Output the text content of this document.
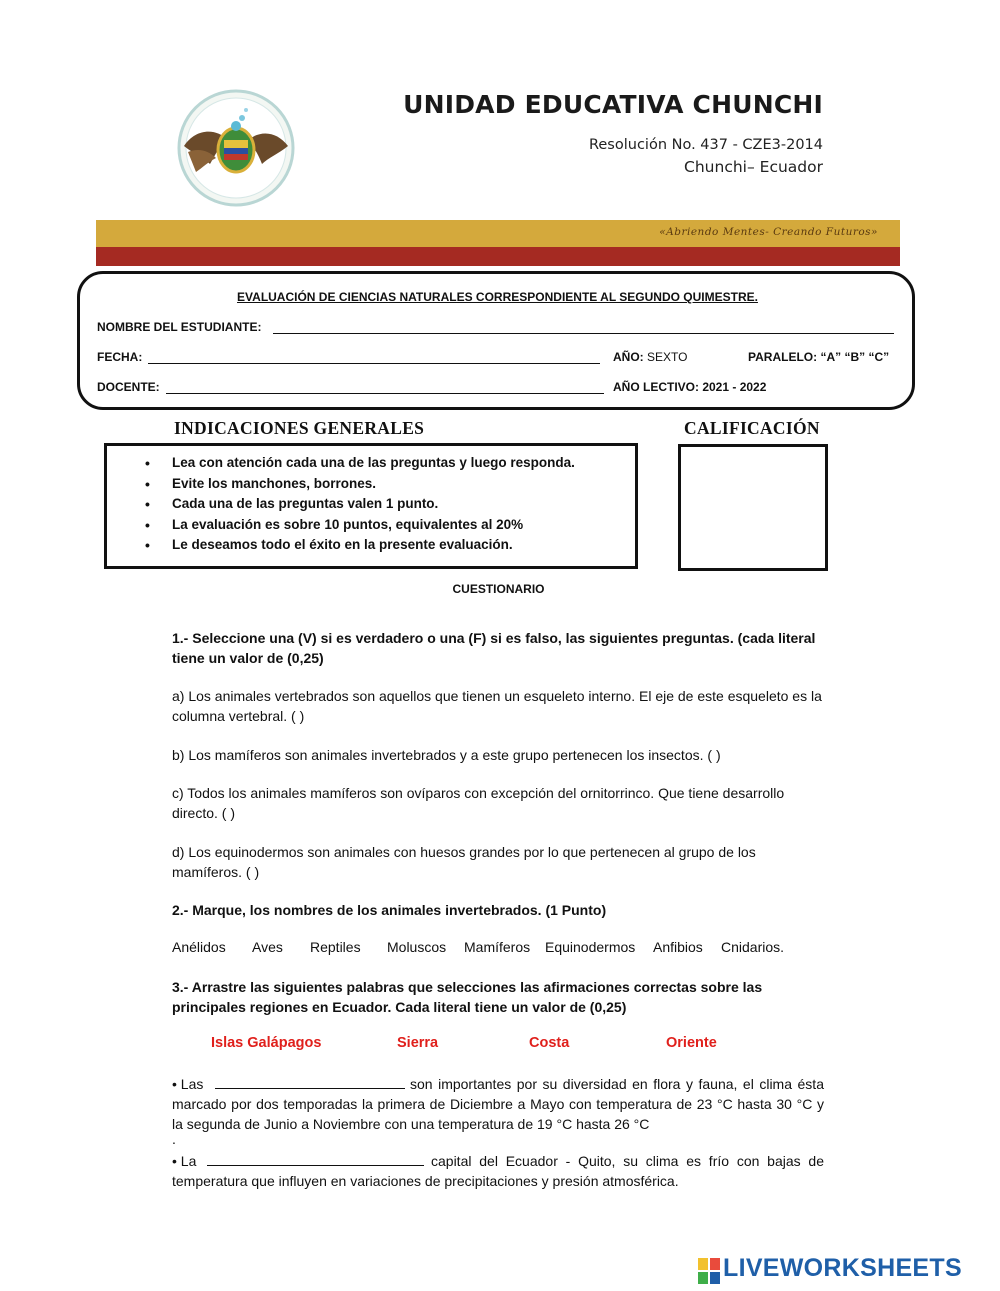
UNIDAD EDUCATIVA CHUNCHI
Resolución No. 437 - CZE3-2014
Chunchi– Ecuador
«Abriendo Mentes- Creando Futuros»
EVALUACIÓN DE CIENCIAS NATURALES CORRESPONDIENTE AL SEGUNDO QUIMESTRE.
NOMBRE DEL ESTUDIANTE:
FECHA:	AÑO: SEXTO	PARALELO: “A” “B” “C”
DOCENTE:	AÑO LECTIVO: 2021 - 2022
INDICACIONES GENERALES	CALIFICACIÓN
• Lea con atención cada una de las preguntas y luego responda.
• Evite los manchones, borrones.
• Cada una de las preguntas valen 1 punto.
• La evaluación es sobre 10 puntos, equivalentes al 20%
• Le deseamos todo el éxito en la presente evaluación.
CUESTIONARIO
1.- Seleccione una (V) si es verdadero o una (F) si es falso, las siguientes preguntas. (cada literal tiene un valor de (0,25)
a) Los animales vertebrados son aquellos que tienen un esqueleto interno. El eje de este esqueleto es la columna vertebral. ( )
b) Los mamíferos son animales invertebrados y a este grupo pertenecen los insectos. ( )
c) Todos los animales mamíferos son ovíparos con excepción del ornitorrinco. Que tiene desarrollo directo. ( )
d) Los equinodermos son animales con huesos grandes por lo que pertenecen al grupo de los mamíferos. ( )
2.- Marque, los nombres de los animales invertebrados. (1 Punto)
Anélidos Aves Reptiles Moluscos Mamíferos Equinodermos Anfibios Cnidarios.
3.- Arrastre las siguientes palabras que selecciones las afirmaciones correctas sobre las principales regiones en Ecuador. Cada literal tiene un valor de (0,25)
Islas Galápagos	Sierra	Costa	Oriente
• Las	son importantes por su diversidad en flora y fauna, el clima ésta marcado por dos temporadas la primera de Diciembre a Mayo con temperatura de 23 °C hasta 30 °C y la segunda de Junio a Noviembre con una temperatura de 19 °C hasta 26 °C
.
• La	capital del Ecuador - Quito, su clima es frío con bajas de temperatura que influyen en variaciones de precipitaciones y presión atmosférica.
LIVEWORKSHEETS
